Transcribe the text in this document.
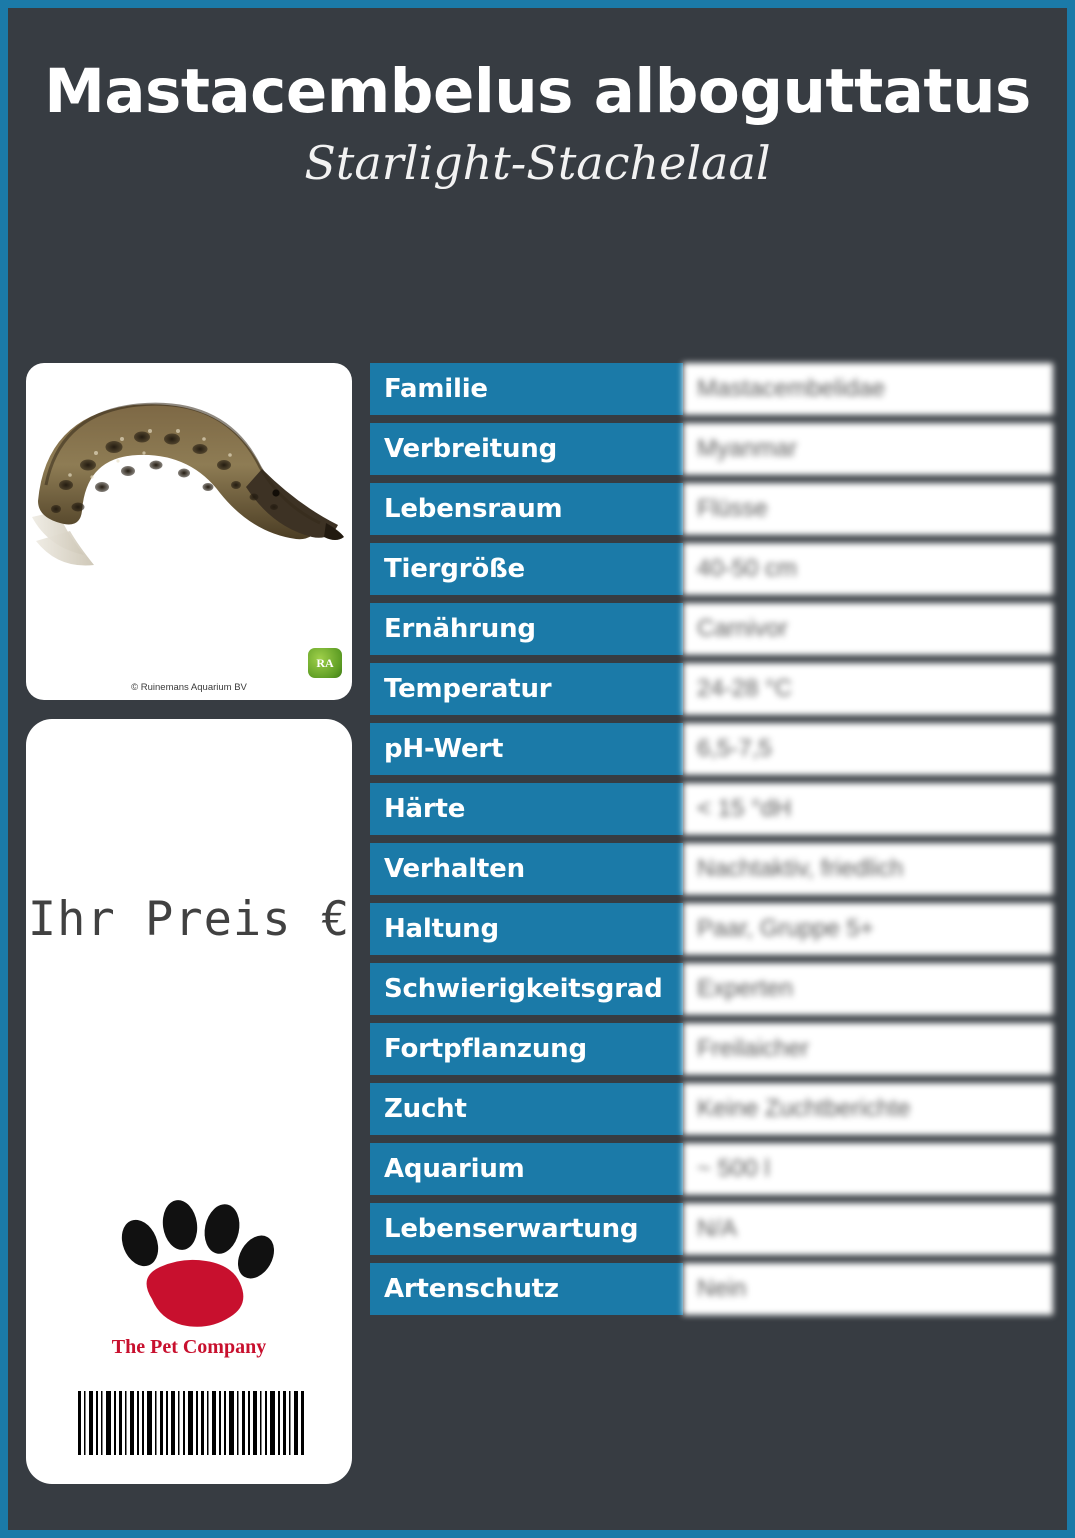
Mastacembelus alboguttatus
Starlight-Stachelaal
RA
© Ruinemans Aquarium BV
Ihr Preis €
The Pet Company
Familie	Mastacembelidae
Verbreitung	Myanmar
Lebensraum	Flüsse
Tiergröße	40-50 cm
Ernährung	Carnivor
Temperatur	24-28 °C
pH-Wert	6,5-7,5
Härte	< 15 °dH
Verhalten	Nachtaktiv, friedlich
Haltung	Paar, Gruppe 5+
Schwierigkeitsgrad	Experten
Fortpflanzung	Freilaicher
Zucht	Keine Zuchtberichte
Aquarium	~ 500 l
Lebenserwartung	N/A
Artenschutz	Nein
